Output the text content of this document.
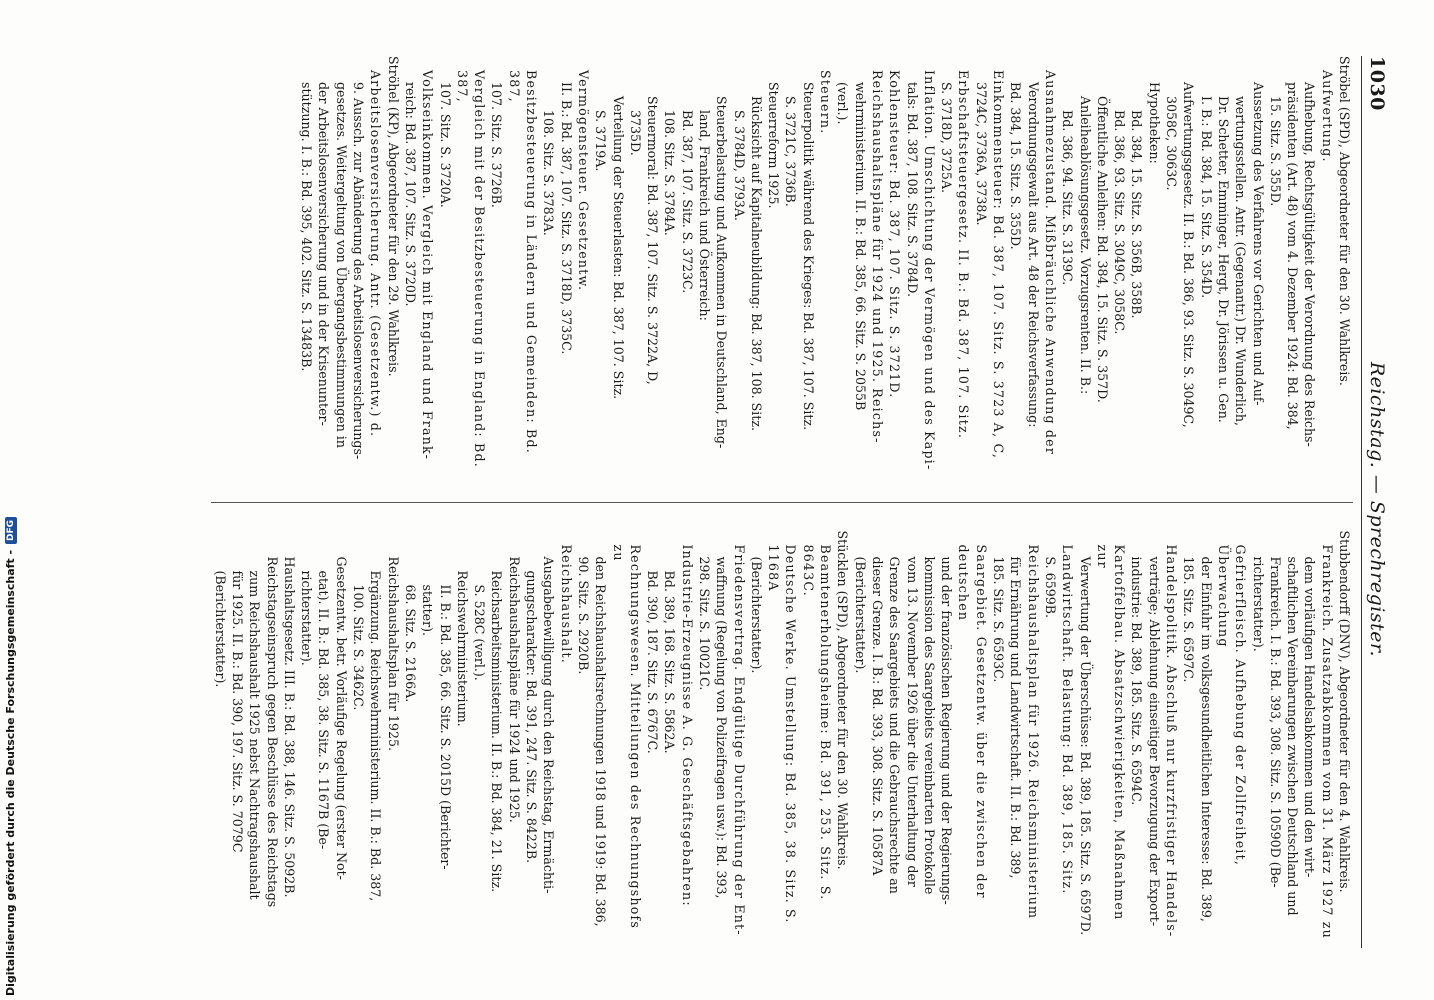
1030
Reichstag. — Sprechregister.

Ströbel (SPD), Abgeordneter für den 30. Wahlkreis.

Aufwertung.

Aufhebung, Rechtsgültigkeit der Verordnung des Reichs-

präsidenten (Art. 48) vom 4. Dezember 1924: Bd. 384,

15. Sitz. S. 355D.

Aussetzung des Verfahrens vor Gerichten und Auf-

wertungsstellen. Antr. (Gegenantr.) Dr. Wunderlich,

Dr. Schetter, Emminger, Hergt, Dr. Jörissen u. Gen.

I. B.: Bd. 384, 15. Sitz. S. 354D.

Aufwertungsgesetz. II. B.: Bd. 386, 93. Sitz. S. 3049C,

3058C, 3063C.

Hypotheken:

Bd. 384, 15. Sitz. S. 356B, 358B.

Bd. 386, 93. Sitz. S. 3049C, 3058C.

Öffentliche Anleihen: Bd. 384, 15. Sitz. S. 357D.

Anleiheablösungsgesetz. Vorzugsrenten. II. B.:

Bd. 386, 94. Sitz. S. 3139C.

Ausnahmezustand. Mißbräuchliche Anwendung der

Verordnungsgewalt aus Art. 48 der Reichsverfassung:

Bd. 384, 15. Sitz. S. 355D.

Einkommensteuer: Bd. 387, 107. Sitz. S. 3723 A, C,

3724C, 3736A, 3738A.

Erbschaftsteuergesetz. II. B.: Bd. 387, 107. Sitz.

S. 3718D, 3725A.

Inflation. Umschichtung der Vermögen und des Kapi-

tals: Bd. 387, 108. Sitz. S. 3784D.

Kohlensteuer: Bd. 387, 107. Sitz. S. 3721D.

Reichshaushaltspläne für 1924 und 1925. Reichs-

wehrministerium. II. B.: Bd. 385, 66. Sitz. S. 2055B

(verl.).

Steuern.

Steuerpolitik während des Krieges: Bd. 387, 107. Sitz.

S. 3721C, 3736B.

Steuerreform 1925.

Rücksicht auf Kapitalneubildung: Bd. 387, 108. Sitz.

S. 3784D, 3793A.

Steuerbelastung und Aufkommen in Deutschland, Eng-

land, Frankreich und Österreich:

Bd. 387, 107. Sitz. S. 3723C.

108. Sitz. S. 3784A.

Steuermoral: Bd. 387, 107. Sitz. S. 3722A, D,

3735D.

Verteilung der Steuerlasten: Bd. 387, 107. Sitz.

S. 3719A.

Vermögensteuer. Gesetzentw.

II. B.: Bd. 387, 107. Sitz. S. 3718D, 3735C.

108. Sitz. S. 3783A.

Besitzbesteuerung in Ländern und Gemeinden: Bd. 387,

107. Sitz. S. 3726B.

Vergleich mit der Besitzbesteuerung in England: Bd. 387,

107. Sitz. S. 3720A.

Volkseinkommen. Vergleich mit England und Frank-

reich: Bd. 387, 107. Sitz. S. 3720D.

Ströhel (KP), Abgeordneter für den 29. Wahlkreis.

Arbeitslosenversicherung. Antr. (Gesetzentw.) d.

9. Aussch. zur Abänderung des Arbeitslosenversicherungs-

gesetzes. Weitergeltung von Übergangsbestimmungen in

der Arbeitslosenversicherung und in der Krisenunter-

stützung. I. B.: Bd. 395, 402. Sitz. S. 13483B.

Stubbendorff (DNV), Abgeordneter für den 4. Wahlkreis.

Frankreich. Zusatzabkommen vom 31. März 1927 zu

dem vorläufigen Handelsabkommen und den wirt-

schaftlichen Vereinbarungen zwischen Deutschland und

Frankreich. I. B.: Bd. 393, 308. Sitz. S. 10590D (Be-

richterstatter).

Gefrierfleisch. Aufhebung der Zollfreiheit, Überwachung

der Einfuhr im volksgesundheitlichen Interesse: Bd. 389,

185. Sitz. S. 6597C.

Handelspolitik. Abschluß nur kurzfristiger Handels-

verträge; Ablehnung einseitiger Bevorzugung der Export-

industrie: Bd. 389, 185. Sitz. S. 6594C.

Kartoffelbau. Absatzschwierigkeiten, Maßnahmen zur

Verwertung der Überschüsse: Bd. 389, 185. Sitz. S. 6597D.

Landwirtschaft. Belastung: Bd. 389, 185. Sitz.

S. 6599B.

Reichshaushaltsplan für 1926. Reichsministerium

für Ernährung und Landwirtschaft. II. B.: Bd. 389,

185. Sitz. S. 6593C.

Saargebiet. Gesetzentw. über die zwischen der deutschen

und der französischen Regierung und der Regierungs-

kommission des Saargebiets vereinbarten Protokolle

vom 13. November 1926 über die Unterhaltung der

Grenze des Saargebiets und die Gebrauchsrechte an

dieser Grenze. I. B.: Bd. 393, 308. Sitz. S. 10587A

(Berichterstatter).

Stücklen (SPD), Abgeordneter für den 30. Wahlkreis.

Beamtenerholungsheime: Bd. 391, 253. Sitz. S. 8643C.

Deutsche Werke. Umstellung: Bd. 385, 38. Sitz. S. 1168A

(Berichterstatter).

Friedensvertrag. Endgültige Durchführung der Ent-

waffnung (Regelung von Polizeifragen usw.): Bd. 393,

298. Sitz. S. 10021C.

Industrie-Erzeugnisse A. G. Geschäftsgebahren:

Bd. 389, 168. Sitz. S. 5862A.

Bd. 390, 187. Sitz. S. 6767C.

Rechnungswesen. Mitteilungen des Rechnungshofs zu

den Reichshaushaltsrechnungen 1918 und 1919: Bd. 386,

90. Sitz. S. 2920B.

Reichshaushalt.

Ausgabebewilligung durch den Reichstag, Ermächti-

gungscharakter: Bd. 391, 247. Sitz. S. 8422B.

Reichshaushaltspläne für 1924 und 1925.

Reichsarbeitsministerium. II. B.: Bd. 384, 21. Sitz.

S. 528C (verl.).

Reichswehrministerium.

II. B.: Bd. 385, 66. Sitz. S. 2015D (Berichter-

statter).

68. Sitz. S. 2166A.

Reichshaushaltsplan für 1925.

Ergänzung. Reichswehrministerium. II. B.: Bd. 387,

100. Sitz. S. 3462C.

Gesetzentw. betr. Vorläufige Regelung (erster Not-

etat). II. B.: Bd. 385, 38. Sitz. S. 1167B (Be-

richterstatter).

Haushaltsgesetz. III. B.: Bd. 388, 146. Sitz. S. 5092B.

Reichstagseinspruch gegen Beschlüsse des Reichstags

zum Reichshaushalt 1925 nebst Nachtragshaushalt

für 1925. II. B.: Bd. 390, 197. Sitz. S. 7079C

(Berichterstatter).

Digitalisierung gefördert durch die Deutsche Forschungsgemeinschaft -
DFG
